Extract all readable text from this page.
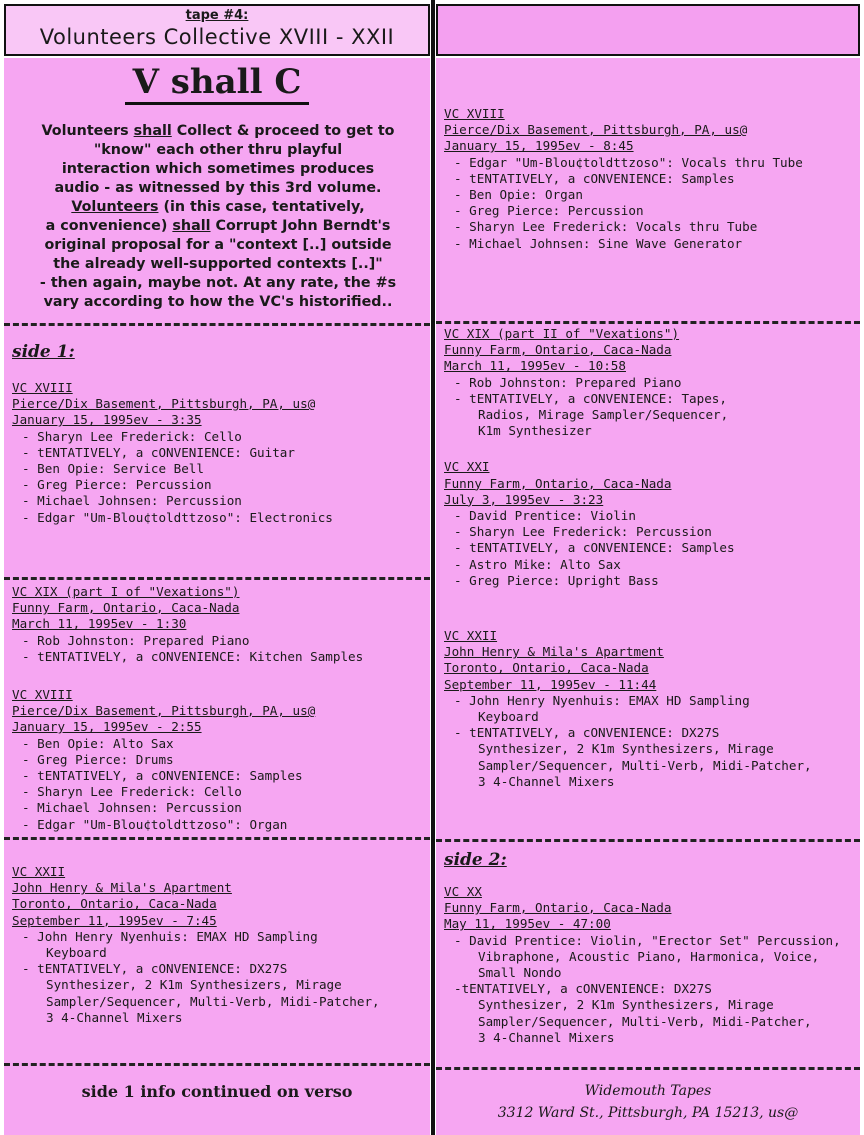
tape #4:
Volunteers Collective XVIII - XXII
V shall C
Volunteers shall Collect & proceed to get to
"know" each other thru playful
interaction which sometimes produces
audio - as witnessed by this 3rd volume.
Volunteers (in this case, tentatively,
a convenience) shall Corrupt John Berndt's
original proposal for a "context [..] outside
the already well-supported contexts [..]"
- then again, maybe not. At any rate, the #s
vary according to how the VC's historified..
side 1:
VC XVIII
Pierce/Dix Basement, Pittsburgh, PA, us@
January 15, 1995ev - 3:35
- Sharyn Lee Frederick: Cello
- tENTATIVELY, a cONVENIENCE: Guitar
- Ben Opie: Service Bell
- Greg Pierce: Percussion
- Michael Johnsen: Percussion
- Edgar "Um-Blou¢toldttzoso": Electronics
VC XIX (part I of "Vexations")
Funny Farm, Ontario, Caca-Nada
March 11, 1995ev - 1:30
- Rob Johnston: Prepared Piano
- tENTATIVELY, a cONVENIENCE: Kitchen Samples
VC XVIII
Pierce/Dix Basement, Pittsburgh, PA, us@
January 15, 1995ev - 2:55
- Ben Opie: Alto Sax
- Greg Pierce: Drums
- tENTATIVELY, a cONVENIENCE: Samples
- Sharyn Lee Frederick: Cello
- Michael Johnsen: Percussion
- Edgar "Um-Blou¢toldttzoso": Organ
VC XXII
John Henry & Mila's Apartment
Toronto, Ontario, Caca-Nada
September 11, 1995ev - 7:45
- John Henry Nyenhuis: EMAX HD Sampling
Keyboard
- tENTATIVELY, a cONVENIENCE: DX27S
Synthesizer, 2 K1m Synthesizers, Mirage
Sampler/Sequencer, Multi-Verb, Midi-Patcher,
3 4-Channel Mixers
side 1 info continued on verso
VC XVIII
Pierce/Dix Basement, Pittsburgh, PA, us@
January 15, 1995ev - 8:45
- Edgar "Um-Blou¢toldttzoso": Vocals thru Tube
- tENTATIVELY, a cONVENIENCE: Samples
- Ben Opie: Organ
- Greg Pierce: Percussion
- Sharyn Lee Frederick: Vocals thru Tube
- Michael Johnsen: Sine Wave Generator
VC XIX (part II of "Vexations")
Funny Farm, Ontario, Caca-Nada
March 11, 1995ev - 10:58
- Rob Johnston: Prepared Piano
- tENTATIVELY, a cONVENIENCE: Tapes,
Radios, Mirage Sampler/Sequencer,
K1m Synthesizer
VC XXI
Funny Farm, Ontario, Caca-Nada
July 3, 1995ev - 3:23
- David Prentice: Violin
- Sharyn Lee Frederick: Percussion
- tENTATIVELY, a cONVENIENCE: Samples
- Astro Mike: Alto Sax
- Greg Pierce: Upright Bass
VC XXII
John Henry & Mila's Apartment
Toronto, Ontario, Caca-Nada
September 11, 1995ev - 11:44
- John Henry Nyenhuis: EMAX HD Sampling
Keyboard
- tENTATIVELY, a cONVENIENCE: DX27S
Synthesizer, 2 K1m Synthesizers, Mirage
Sampler/Sequencer, Multi-Verb, Midi-Patcher,
3 4-Channel Mixers
side 2:
VC XX
Funny Farm, Ontario, Caca-Nada
May 11, 1995ev - 47:00
- David Prentice: Violin, "Erector Set" Percussion,
Vibraphone, Acoustic Piano, Harmonica, Voice,
Small Nondo
-tENTATIVELY, a cONVENIENCE: DX27S
Synthesizer, 2 K1m Synthesizers, Mirage
Sampler/Sequencer, Multi-Verb, Midi-Patcher,
3 4-Channel Mixers
Widemouth Tapes
3312 Ward St., Pittsburgh, PA 15213, us@
